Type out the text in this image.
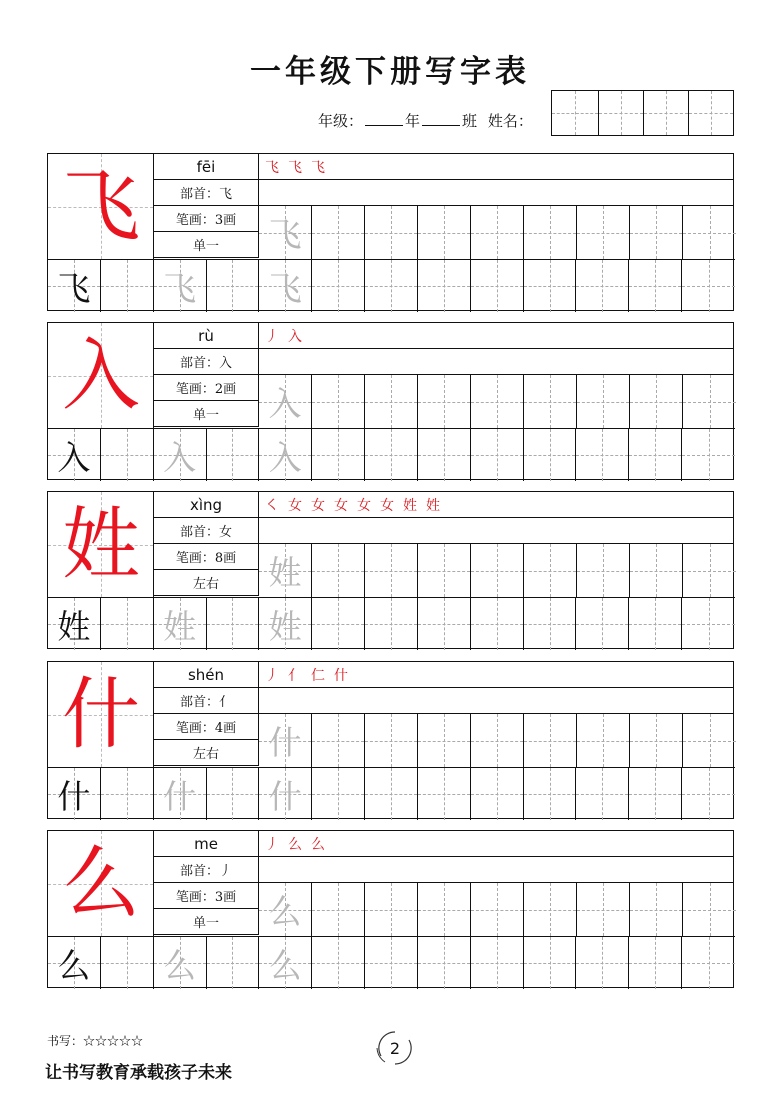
一年级下册写字表
年级：	年	班 姓名：
飞	fēi
部首：飞
笔画：3画
单一
飞 飞 飞
飞
飞 飞 飞
入	rù
部首：入
笔画：2画
单一
丿 入
入
入 入 入
姓	xìng
部首：女
笔画：8画
左右
㇛ 女 女 女 女 女 姓 姓
姓
姓 姓 姓
什	shén
部首：亻
笔画：4画
左右
丿 亻 仁 什
什
什 什 什
么	me
部首：丿
笔画：3画
单一
丿 么 么
么
么 么 么
书写：☆☆☆☆☆	2
让书写教育承载孩子未来
